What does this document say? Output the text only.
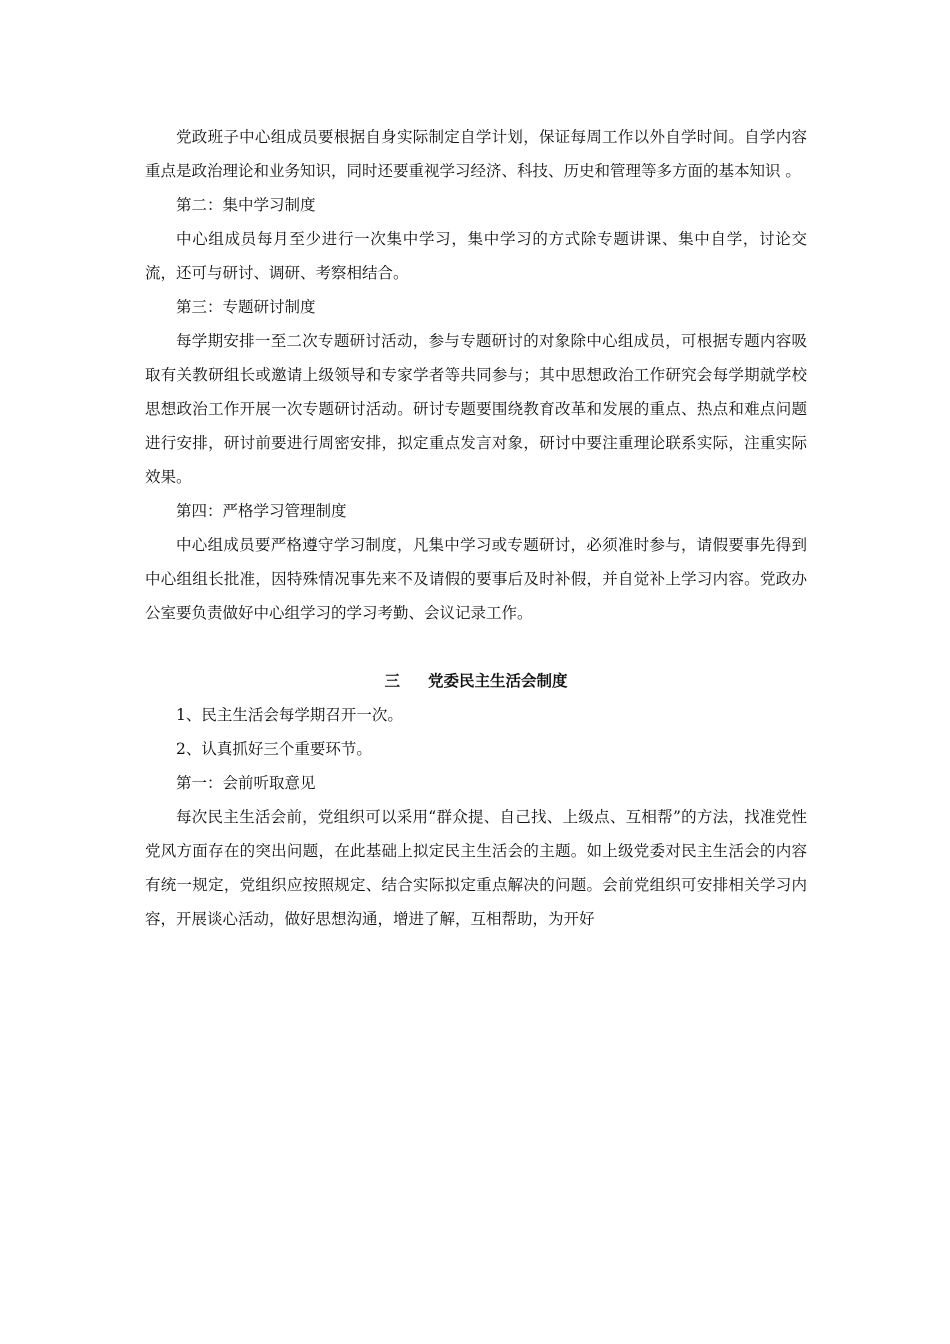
党政班子中心组成员要根据自身实际制定自学计划，保证每周工作以外自学时间。自学内容重点是政治理论和业务知识，同时还要重视学习经济、科技、历史和管理等多方面的基本知识 。

第二：集中学习制度

中心组成员每月至少进行一次集中学习，集中学习的方式除专题讲课、集中自学，讨论交流，还可与研讨、调研、考察相结合。

第三：专题研讨制度

每学期安排一至二次专题研讨活动，参与专题研讨的对象除中心组成员，可根据专题内容吸取有关教研组长或邀请上级领导和专家学者等共同参与；其中思想政治工作研究会每学期就学校思想政治工作开展一次专题研讨活动。研讨专题要围绕教育改革和发展的重点、热点和难点问题进行安排，研讨前要进行周密安排，拟定重点发言对象，研讨中要注重理论联系实际，注重实际效果。

第四：严格学习管理制度

中心组成员要严格遵守学习制度，凡集中学习或专题研讨，必须准时参与，请假要事先得到中心组组长批准，因特殊情况事先来不及请假的要事后及时补假，并自觉补上学习内容。党政办公室要负责做好中心组学习的学习考勤、会议记录工作。

三 党委民主生活会制度

1、民主生活会每学期召开一次。

2、认真抓好三个重要环节。

第一：会前听取意见

每次民主生活会前，党组织可以采用“群众提、自己找、上级点、互相帮”的方法，找准党性党风方面存在的突出问题，在此基础上拟定民主生活会的主题。如上级党委对民主生活会的内容有统一规定，党组织应按照规定、结合实际拟定重点解决的问题。会前党组织可安排相关学习内容，开展谈心活动，做好思想沟通，增进了解，互相帮助，为开好
